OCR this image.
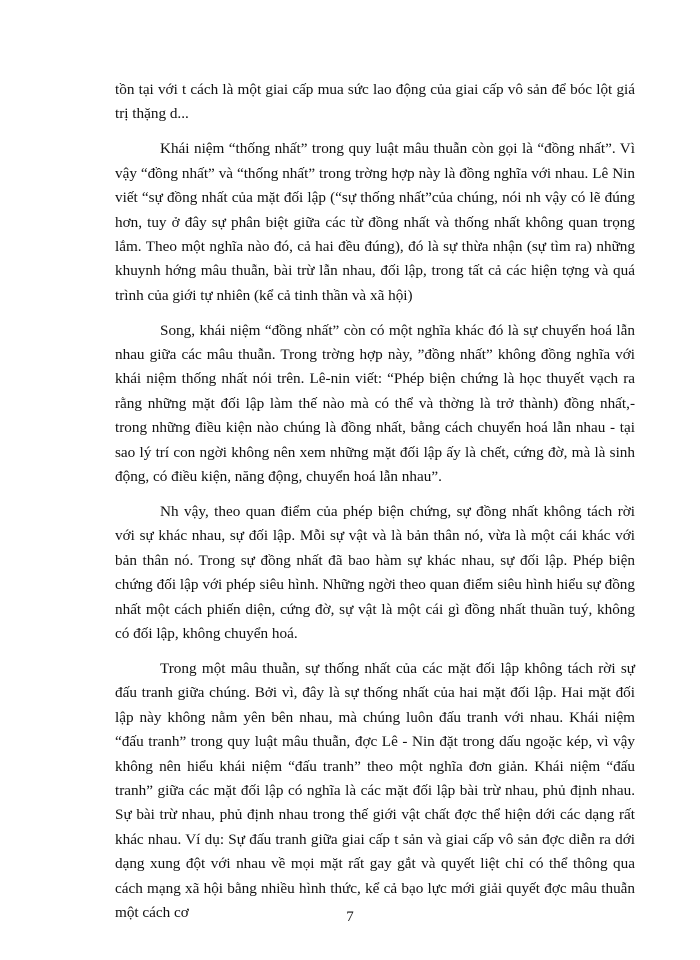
tồn tại với t cách là một giai cấp mua sức lao động của giai cấp vô sản để bóc lột giá trị thặng d...

Khái niệm “thống nhất” trong quy luật mâu thuẫn còn gọi là “đồng nhất”. Vì vậy “đồng nhất” và “thống nhất” trong trờng hợp này là đồng nghĩa với nhau. Lê Nin viết “sự đồng nhất của mặt đối lập (“sự thống nhất”của chúng, nói nh vậy có lẽ đúng hơn, tuy ở đây sự phân biệt giữa các từ đồng nhất và thống nhất không quan trọng lắm. Theo một nghĩa nào đó, cả hai đều đúng), đó là sự thừa nhận (sự tìm ra) những khuynh hớng mâu thuẫn, bài trừ lẫn nhau, đối lập, trong tất cả các hiện tợng và quá trình của giới tự nhiên (kể cả tinh thần và xã hội)

Song, khái niệm “đồng nhất” còn có một nghĩa khác đó là sự chuyển hoá lẫn nhau giữa các mâu thuẫn. Trong trờng hợp này, ”đồng nhất” không đồng nghĩa với khái niệm thống nhất nói trên. Lê-nin viết: “Phép biện chứng là học thuyết vạch ra rằng những mặt đối lập làm thế nào mà có thể và thờng là trở thành) đồng nhất,- trong những điều kiện nào chúng là đồng nhất, bằng cách chuyển hoá lẫn nhau - tại sao lý trí con ngời không nên xem những mặt đối lập ấy là chết, cứng đờ, mà là sinh động, có điều kiện, năng động, chuyển hoá lẫn nhau”.

Nh vậy, theo quan điểm của phép biện chứng, sự đồng nhất không tách rời với sự khác nhau, sự đối lập. Mỗi sự vật và là bản thân nó, vừa là một cái khác với bản thân nó. Trong sự đồng nhất đã bao hàm sự khác nhau, sự đối lập. Phép biện chứng đối lập với phép siêu hình. Những ngời theo quan điểm siêu hình hiểu sự đồng nhất một cách phiến diện, cứng đờ, sự vật là một cái gì đồng nhất thuần tuý, không có đối lập, không chuyển hoá.

Trong một mâu thuẫn, sự thống nhất của các mặt đối lập không tách rời sự đấu tranh giữa chúng. Bởi vì, đây là sự thống nhất của hai mặt đối lập. Hai mặt đối lập này không nằm yên bên nhau, mà chúng luôn đấu tranh với nhau. Khái niệm “đấu tranh” trong quy luật mâu thuẫn, đợc Lê - Nin đặt trong dấu ngoặc kép, vì vậy không nên hiểu khái niệm “đấu tranh” theo một nghĩa đơn giản. Khái niệm “đấu tranh” giữa các mặt đối lập có nghĩa là các mặt đối lập bài trừ nhau, phủ định nhau. Sự bài trừ nhau, phủ định nhau trong thế giới vật chất đợc thể hiện dới các dạng rất khác nhau. Ví dụ: Sự đấu tranh giữa giai cấp t sản và giai cấp vô sản đợc diễn ra dới dạng xung đột với nhau về mọi mặt rất gay gắt và quyết liệt chỉ có thể thông qua cách mạng xã hội bằng nhiều hình thức, kể cả bạo lực mới giải quyết đợc mâu thuẫn một cách cơ	7
